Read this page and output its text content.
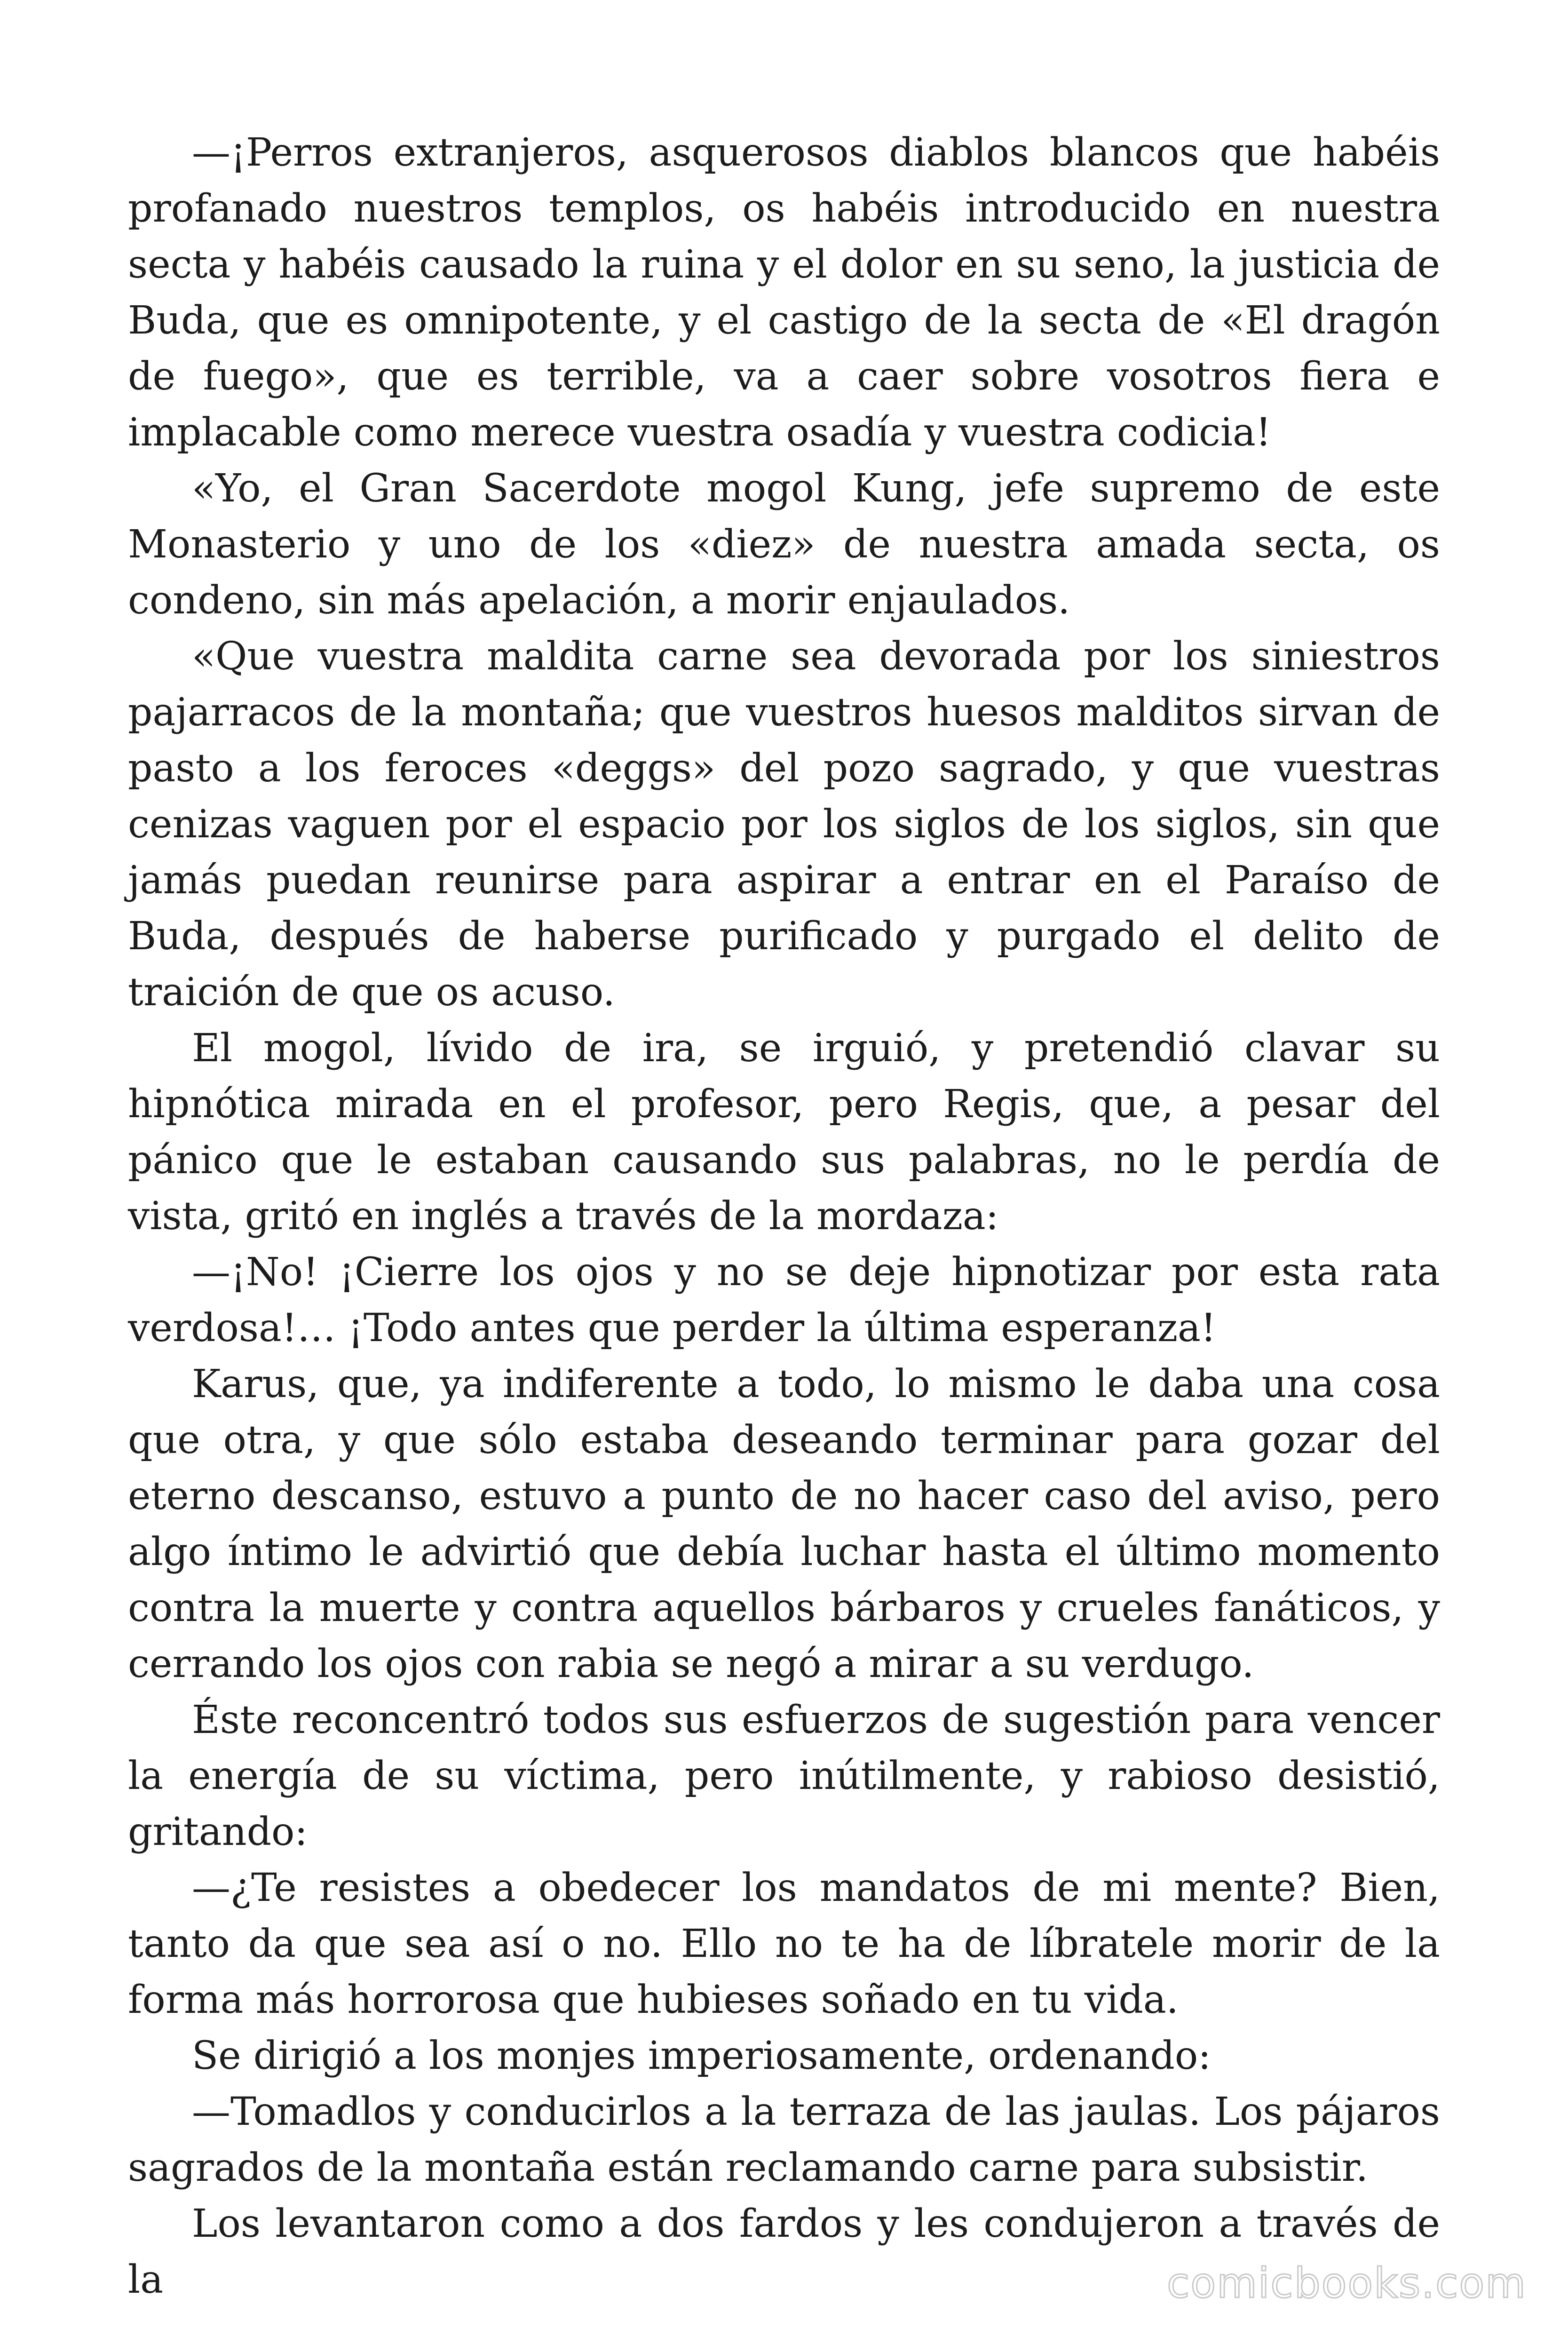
—¡Perros extranjeros, asquerosos diablos blancos que habéis profanado nuestros templos, os habéis introducido en nuestra secta y habéis causado la ruina y el dolor en su seno, la justicia de Buda, que es omnipotente, y el castigo de la secta de «El dragón de fuego», que es terrible, va a caer sobre vosotros fiera e implacable como merece vuestra osadía y vuestra codicia!

«Yo, el Gran Sacerdote mogol Kung, jefe supremo de este Monasterio y uno de los «diez» de nuestra amada secta, os condeno, sin más apelación, a morir enjaulados.

«Que vuestra maldita carne sea devorada por los siniestros pajarracos de la montaña; que vuestros huesos malditos sirvan de pasto a los feroces «deggs» del pozo sagrado, y que vuestras cenizas vaguen por el espacio por los siglos de los siglos, sin que jamás puedan reunirse para aspirar a entrar en el Paraíso de Buda, después de haberse purificado y purgado el delito de traición de que os acuso.

El mogol, lívido de ira, se irguió, y pretendió clavar su hipnótica mirada en el profesor, pero Regis, que, a pesar del pánico que le estaban causando sus palabras, no le perdía de vista, gritó en inglés a través de la mordaza:

—¡No! ¡Cierre los ojos y no se deje hipnotizar por esta rata verdosa!… ¡Todo antes que perder la última esperanza!

Karus, que, ya indiferente a todo, lo mismo le daba una cosa que otra, y que sólo estaba deseando terminar para gozar del eterno descanso, estuvo a punto de no hacer caso del aviso, pero algo íntimo le advirtió que debía luchar hasta el último momento contra la muerte y contra aquellos bárbaros y crueles fanáticos, y cerrando los ojos con rabia se negó a mirar a su verdugo.

Éste reconcentró todos sus esfuerzos de sugestión para vencer la energía de su víctima, pero inútilmente, y rabioso desistió, gritando:

—¿Te resistes a obedecer los mandatos de mi mente? Bien, tanto da que sea así o no. Ello no te ha de líbratele morir de la forma más horrorosa que hubieses soñado en tu vida.

Se dirigió a los monjes imperiosamente, ordenando:

—Tomadlos y conducirlos a la terraza de las jaulas. Los pájaros sagrados de la montaña están reclamando carne para subsistir.

Los levantaron como a dos fardos y les condujeron a través de la	comicbooks.com
